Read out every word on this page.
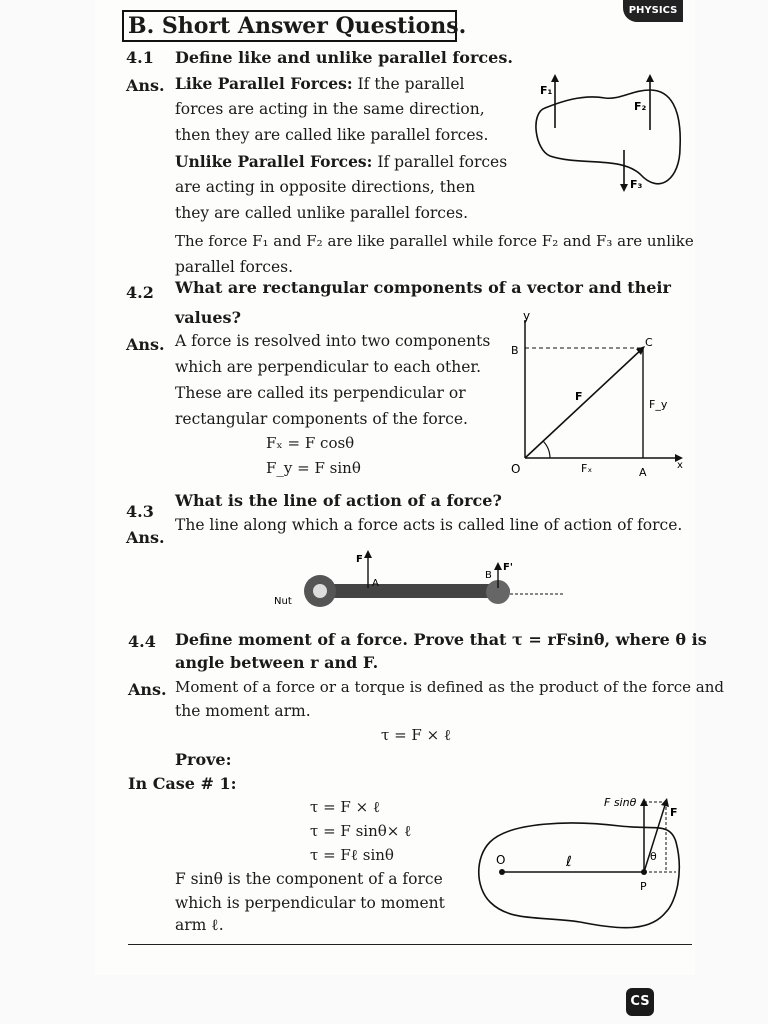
PHYSICS
B. Short Answer Questions.
4.1 Define like and unlike parallel forces.
Ans. Like Parallel Forces: If the parallel
forces are acting in the same direction,
then they are called like parallel forces.
Unlike Parallel Forces: If parallel forces
are acting in opposite directions, then
they are called unlike parallel forces.
The force F₁ and F₂ are like parallel while force F₂ and F₃ are unlike
parallel forces.
F₁
F₂
F₃
4.2 What are rectangular components of a vector and their
values?
Ans. A force is resolved into two components
which are perpendicular to each other.
These are called its perpendicular or
rectangular components of the force.
Fₓ = F cosθ
F_y = F sinθ
y
x
O	A
B
C
F
Fₓ
F_y
4.3
What is the line of action of a force?
Ans.
The line along which a force acts is called line of action of force.
Nut
F
A
B
F'
4.4 Define moment of a force. Prove that τ = rFsinθ, where θ is
angle between r and F.
Ans. Moment of a force or a torque is defined as the product of the force and
the moment arm.
τ = F × ℓ
Prove:
In Case # 1:
τ = F × ℓ
τ = F sinθ× ℓ
τ = Fℓ sinθ
F sinθ is the component of a force
which is perpendicular to moment
arm ℓ.
F sinθ
F
O	ℓ
P
θ
CS
